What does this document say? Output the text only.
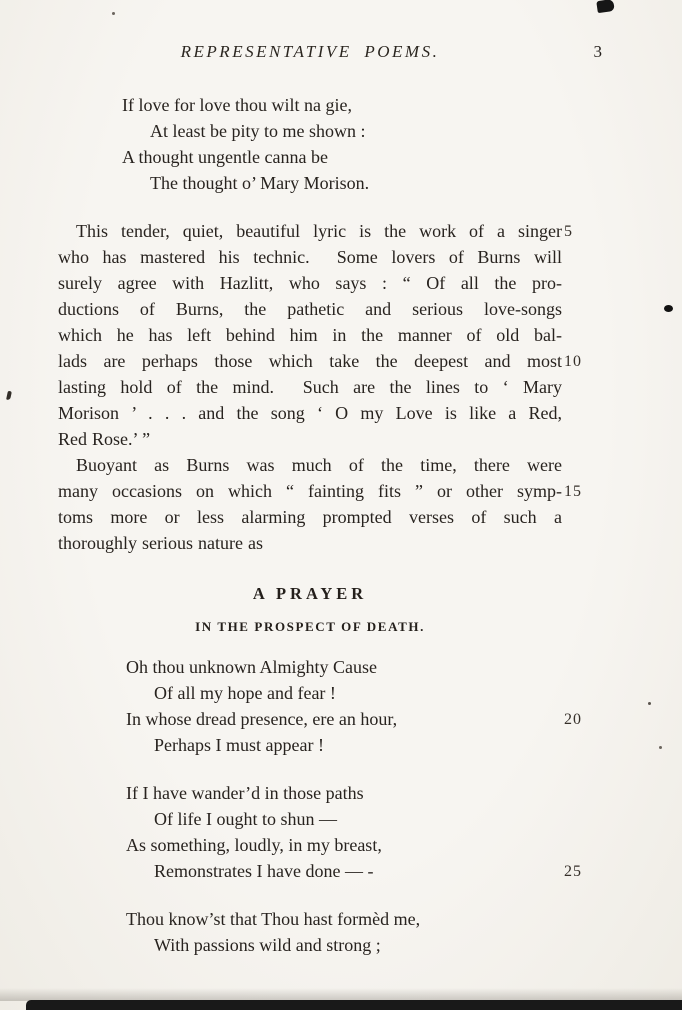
REPRESENTATIVE POEMS.	3
If love for love thou wilt na gie,
At least be pity to me shown :
A thought ungentle canna be
The thought o’ Mary Morison.
This tender, quiet, beautiful lyric is the work of a singer 5
who has mastered his technic.  Some lovers of Burns will
surely agree with Hazlitt, who says : “ Of all the pro-
ductions of Burns, the pathetic and serious love-songs
which he has left behind him in the manner of old bal-
lads are perhaps those which take the deepest and most 10
lasting hold of the mind.  Such are the lines to ‘ Mary
Morison ’ . . . and the song ‘ O my Love is like a Red,
Red Rose.’ ”
Buoyant as Burns was much of the time, there were
many occasions on which “ fainting fits ” or other symp- 15
toms more or less alarming prompted verses of such a
thoroughly serious nature as
A PRAYER
IN THE PROSPECT OF DEATH.
Oh thou unknown Almighty Cause
Of all my hope and fear !
In whose dread presence, ere an hour,	20
Perhaps I must appear !
If I have wander’d in those paths
Of life I ought to shun —
As something, loudly, in my breast,
Remonstrates I have done — -	25
Thou know’st that Thou hast formèd me,
With passions wild and strong ;
